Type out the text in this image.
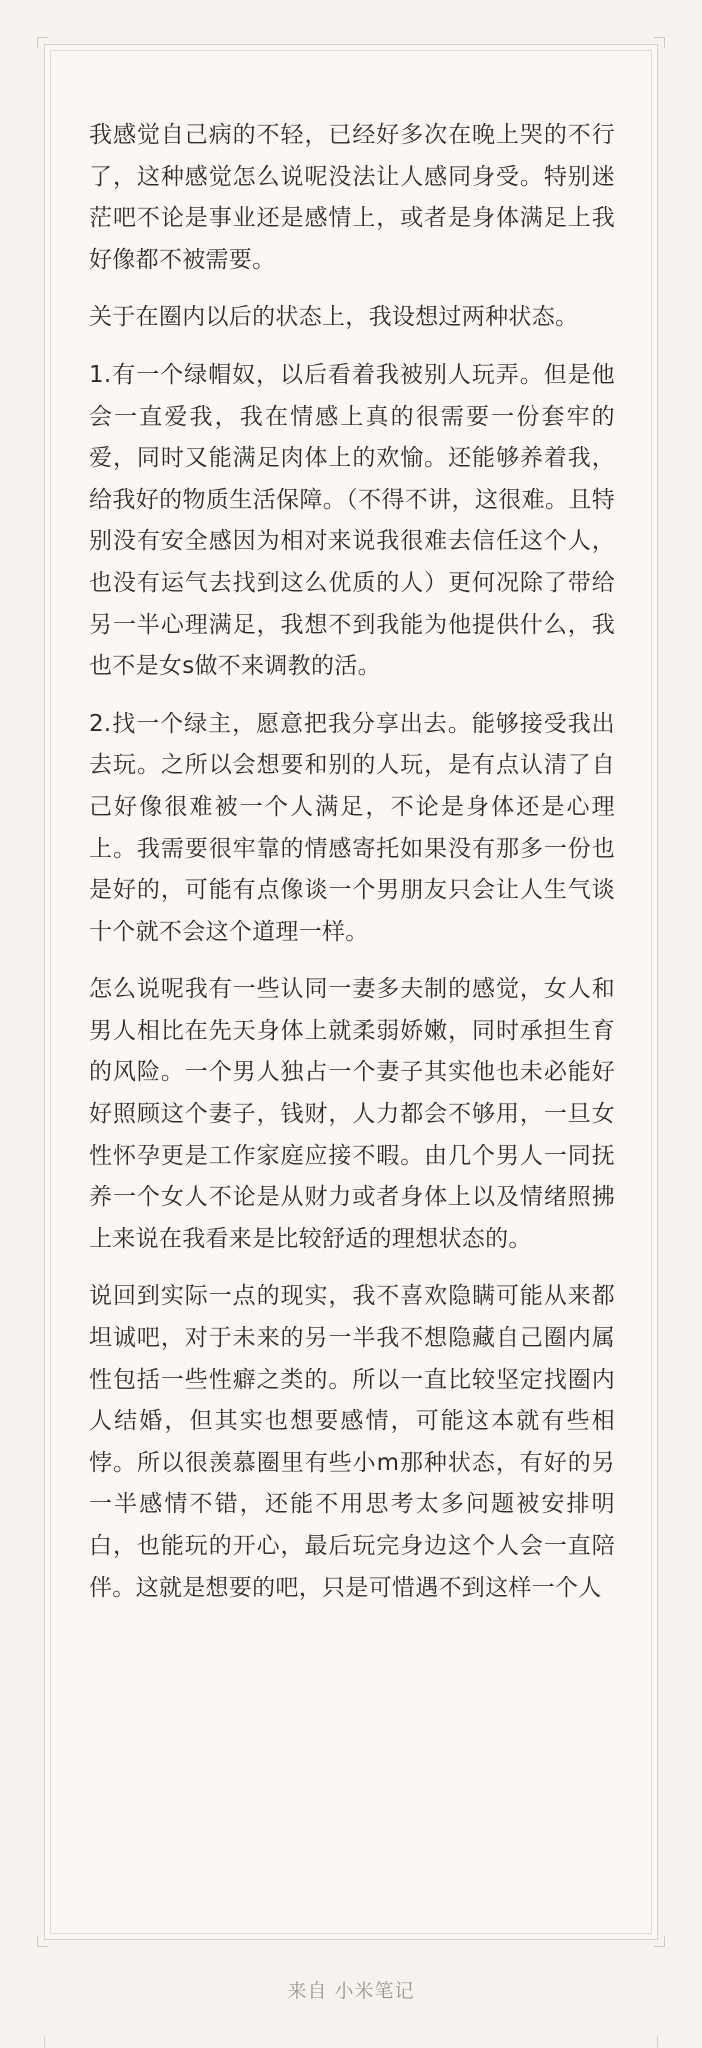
我感觉自己病的不轻，已经好多次在晚上哭的不行了，这种感觉怎么说呢没法让人感同身受。特别迷茫吧不论是事业还是感情上，或者是身体满足上我好像都不被需要。

关于在圈内以后的状态上，我设想过两种状态。

1.有一个绿帽奴，以后看着我被别人玩弄。但是他会一直爱我，我在情感上真的很需要一份套牢的爱，同时又能满足肉体上的欢愉。还能够养着我，给我好的物质生活保障。（不得不讲，这很难。且特别没有安全感因为相对来说我很难去信任这个人，也没有运气去找到这么优质的人）更何况除了带给另一半心理满足，我想不到我能为他提供什么，我也不是女s做不来调教的活。

2.找一个绿主，愿意把我分享出去。能够接受我出去玩。之所以会想要和别的人玩，是有点认清了自己好像很难被一个人满足，不论是身体还是心理上。我需要很牢靠的情感寄托如果没有那多一份也是好的，可能有点像谈一个男朋友只会让人生气谈十个就不会这个道理一样。

怎么说呢我有一些认同一妻多夫制的感觉，女人和男人相比在先天身体上就柔弱娇嫩，同时承担生育的风险。一个男人独占一个妻子其实他也未必能好好照顾这个妻子，钱财，人力都会不够用，一旦女性怀孕更是工作家庭应接不暇。由几个男人一同抚养一个女人不论是从财力或者身体上以及情绪照拂上来说在我看来是比较舒适的理想状态的。

说回到实际一点的现实，我不喜欢隐瞒可能从来都坦诚吧，对于未来的另一半我不想隐藏自己圈内属性包括一些性癖之类的。所以一直比较坚定找圈内人结婚，但其实也想要感情，可能这本就有些相悖。所以很羡慕圈里有些小m那种状态，有好的另一半感情不错，还能不用思考太多问题被安排明白，也能玩的开心，最后玩完身边这个人会一直陪伴。这就是想要的吧，只是可惜遇不到这样一个人

来自 小米笔记
